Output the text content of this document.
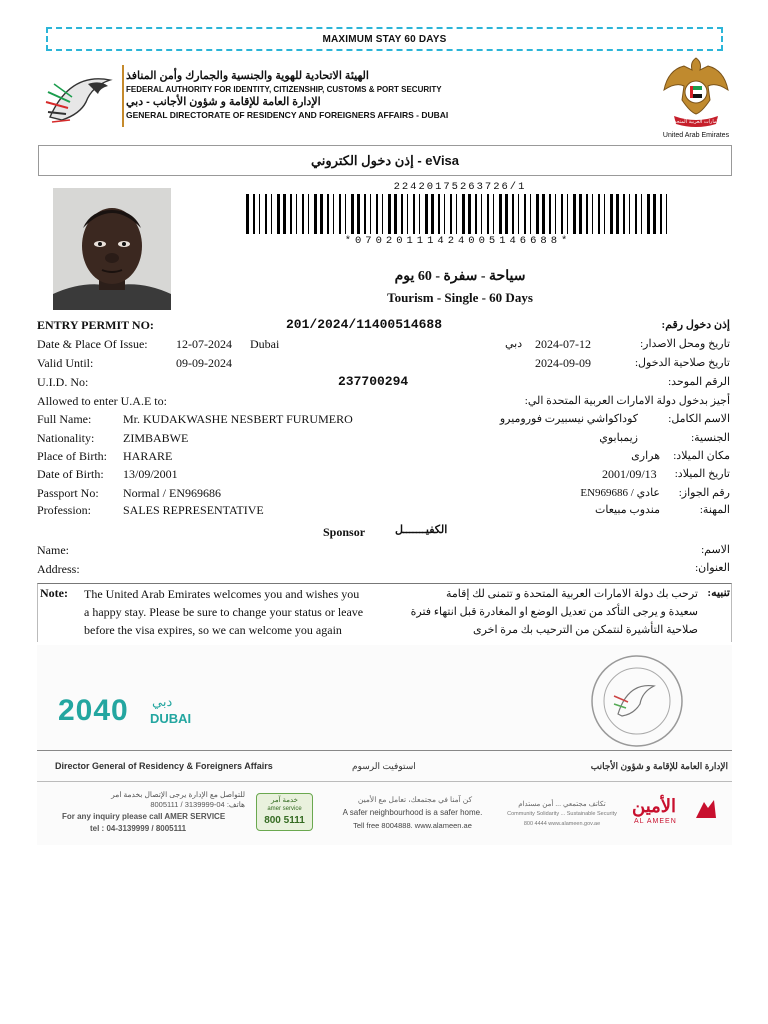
MAXIMUM STAY 60 DAYS
الهيئة الاتحادية للهوية والجنسية والجمارك وأمن المنافذ
FEDERAL AUTHORITY FOR IDENTITY, CITIZENSHIP, CUSTOMS & PORT SECURITY
الإدارة العامة للإقامة و شؤون الأجانب - دبي
GENERAL DIRECTORATE OF RESIDENCY AND FOREIGNERS AFFAIRS - DUBAI
الإمارات العربية المتحدة
United Arab Emirates
إذن دخول الكتروني - eVisa
22420175263726/1
*07020111424005146688*
سياحة - سفرة - 60 يوم
Tourism - Single - 60 Days
ENTRY PERMIT NO:	201/2024/11400514688	إذن دخول رقم:
Date & Place Of Issue: 12-07-2024 Dubai	دبي 2024-07-12	تاريخ ومحل الاصدار:
Valid Until:	09-09-2024	2024-09-09	تاريخ صلاحية الدخول:
U.I.D. No:	237700294	الرقم الموحد:
Allowed to enter U.A.E to:	أجيز بدخول دولة الامارات العربية المتحدة الي:
Full Name:	Mr. KUDAKWASHE NESBERT FURUMERO	كوداكواشي نيسبيرت فوروميرو	الاسم الكامل:
Nationality: ZIMBABWE	زيمبابوي	الجنسية:
Place of Birth: HARARE	هرارى مكان الميلاد:
Date of Birth: 13/09/2001	2001/09/13 تاريخ الميلاد:
Passport No: Normal / EN969686	عادي / EN969686 رقم الجواز:
Profession:	SALES REPRESENTATIVE	مندوب مبيعات	المهنة:
Sponsor	الكفيـــــــل
Name:	الاسم:
Address:	العنوان:
Note: The United Arab Emirates welcomes you and wishes you
a happy stay. Please be sure to change your status or leave
before the visa expires, so we can welcome you again
ترحب بك دولة الامارات العربية المتحدة و تتمنى لك إقامة
سعيدة و يرجى التأكد من تعديل الوضع او المغادرة قبل انتهاء فترة
صلاحية التأشيرة لنتمكن من الترحيب بك مرة اخرى
تنبيه:
2040 دبي
DUBAI
Director General of Residency & Foreigners Affairs	استوفيت الرسوم	الإدارة العامة للإقامة و شؤون الأجانب
للتواصل مع الإدارة يرجى الإتصال بخدمة امر
هاتف: 04-3139999 / 8005111
For any inquiry please call AMER SERVICE
tel : 04-3139999 / 8005111
خدمة آمر
amer service
800 5111
كن آمنا في مجتمعك، تعامل مع الأمين
A safer neighbourhood is a safer home.
Tell free 8004888. www.alameen.ae
تكاتف مجتمعي ... أمن مستدام
Community Solidarity ... Sustainable Security
800 4444 www.alameen.gov.ae
الأمين
AL AMEEN
